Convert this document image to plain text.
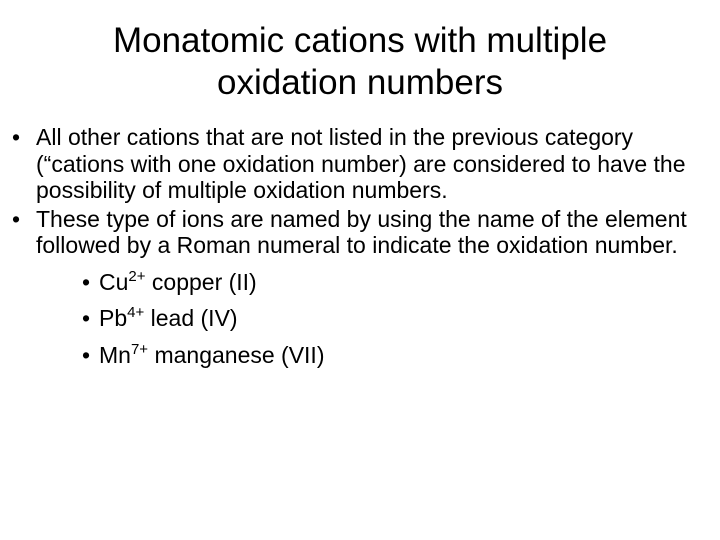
Monatomic cations with multiple
oxidation numbers
• All other cations that are not listed in the previous category (“cations with one oxidation number) are considered to have the possibility of multiple oxidation numbers.
• These type of ions are named by using the name of the element followed by a Roman numeral to indicate the oxidation number.
• $Cu^{2+}$ copper (II)
• $Pb^{4+}$ lead (IV)
• $Mn^{7+}$ manganese (VII)
